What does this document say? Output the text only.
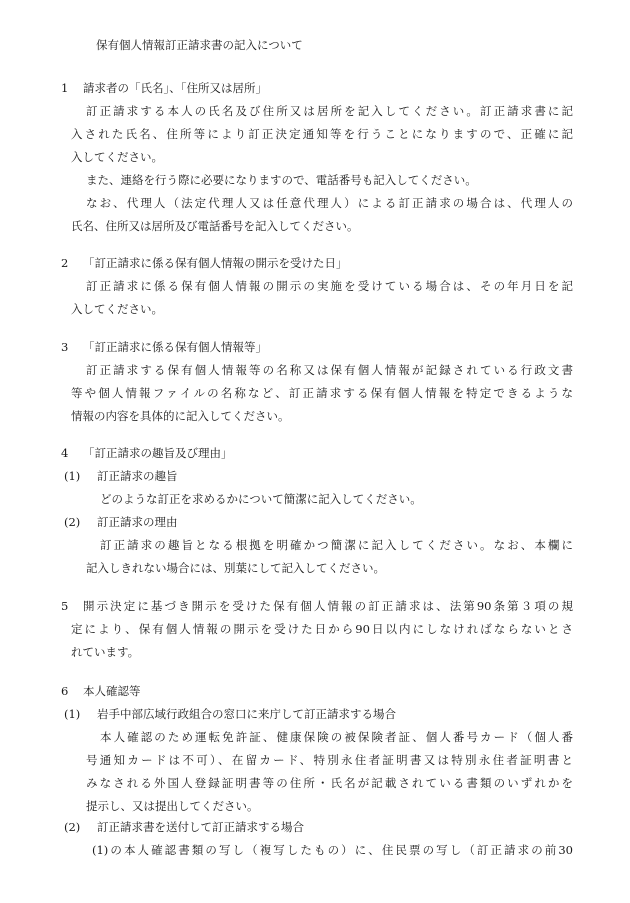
保有個人情報訂正請求書の記入について
1 請求者の「氏名」、「住所又は居所」
訂正請求する本人の氏名及び住所又は居所を記入してください。訂正請求書に記
入された氏名、住所等により訂正決定通知等を行うことになりますので、正確に記
入してください。
また、連絡を行う際に必要になりますので、電話番号も記入してください。
なお、代理人（法定代理人又は任意代理人）による訂正請求の場合は、代理人の
氏名、住所又は居所及び電話番号を記入してください。
2 「訂正請求に係る保有個人情報の開示を受けた日」
訂正請求に係る保有個人情報の開示の実施を受けている場合は、その年月日を記
入してください。
3 「訂正請求に係る保有個人情報等」
訂正請求する保有個人情報等の名称又は保有個人情報が記録されている行政文書
等や個人情報ファイルの名称など、訂正請求する保有個人情報を特定できるような
情報の内容を具体的に記入してください。
4 「訂正請求の趣旨及び理由」
(1) 訂正請求の趣旨
どのような訂正を求めるかについて簡潔に記入してください。
(2) 訂正請求の理由
訂正請求の趣旨となる根拠を明確かつ簡潔に記入してください。なお、本欄に
記入しきれない場合には、別葉にして記入してください。
5 開示決定に基づき開示を受けた保有個人情報の訂正請求は、法第90条第３項の規
定により、保有個人情報の開示を受けた日から90日以内にしなければならないとさ
れています。
6 本人確認等
(1) 岩手中部広域行政組合の窓口に来庁して訂正請求する場合
本人確認のため運転免許証、健康保険の被保険者証、個人番号カード（個人番
号通知カードは不可）、在留カード、特別永住者証明書又は特別永住者証明書と
みなされる外国人登録証明書等の住所・氏名が記載されている書類のいずれかを
提示し、又は提出してください。
(2) 訂正請求書を送付して訂正請求する場合
(1)の本人確認書類の写し（複写したもの）に、住民票の写し（訂正請求の前30
